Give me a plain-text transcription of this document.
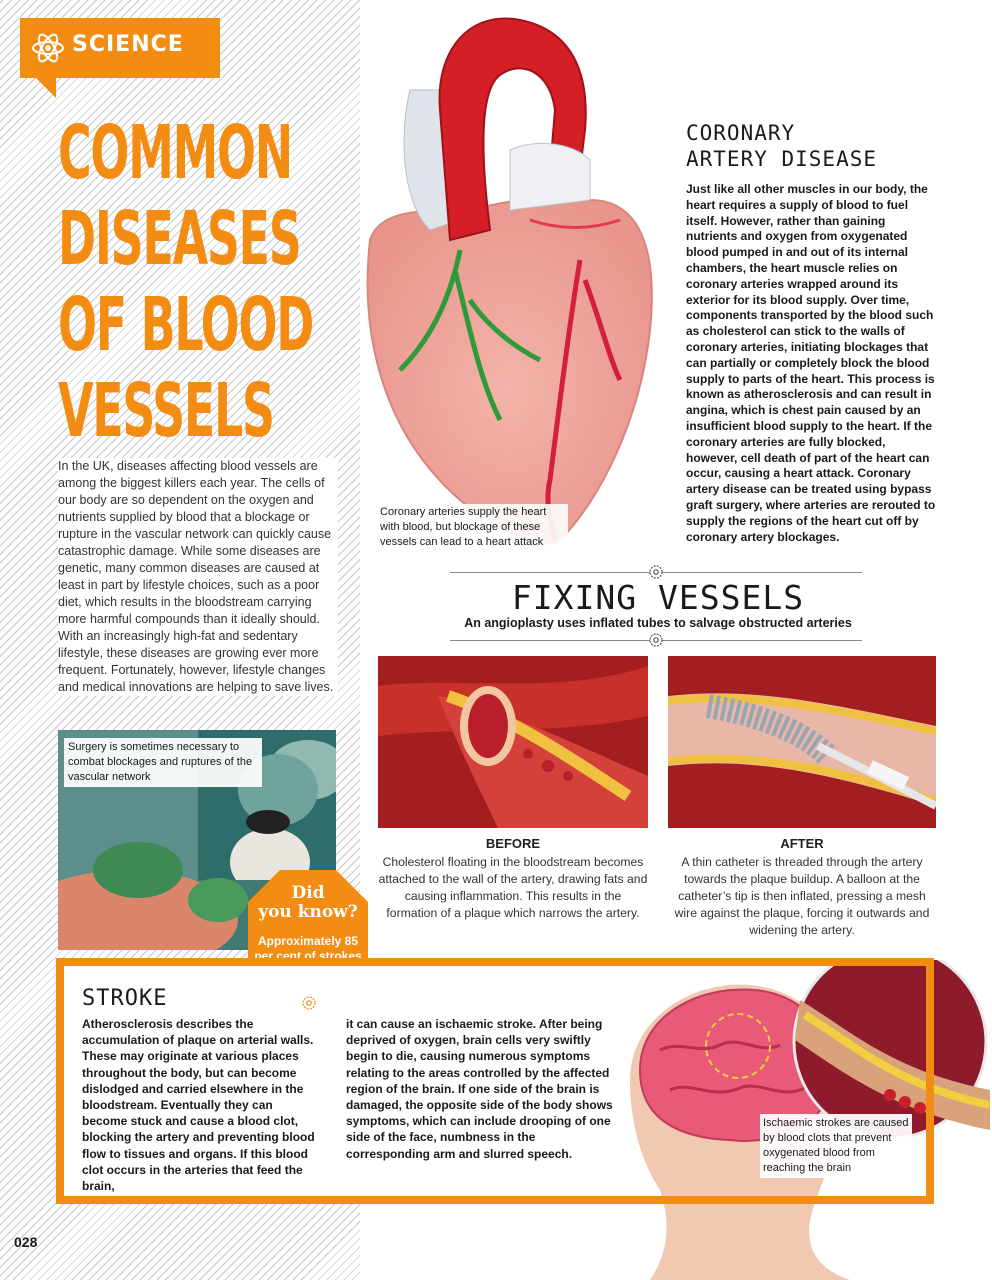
SCIENCE
COMMON
DISEASES
OF BLOOD
VESSELS
In the UK, diseases affecting blood vessels are among the biggest killers each year. The cells of our body are so dependent on the oxygen and nutrients supplied by blood that a blockage or rupture in the vascular network can quickly cause catastrophic damage. While some diseases are genetic, many common diseases are caused at least in part by lifestyle choices, such as a poor diet, which results in the bloodstream carrying more harmful compounds than it ideally should. With an increasingly high-fat and sedentary lifestyle, these diseases are growing ever more frequent. Fortunately, however, lifestyle changes and medical innovations are helping to save lives.
Surgery is sometimes necessary to combat blockages and ruptures of the vascular network
Did
you know?
Approximately 85 per cent of strokes
Coronary arteries supply the heart with blood, but blockage of these vessels can lead to a heart attack
CORONARY
ARTERY DISEASE
Just like all other muscles in our body, the heart requires a supply of blood to fuel itself. However, rather than gaining nutrients and oxygen from oxygenated blood pumped in and out of its internal chambers, the heart muscle relies on coronary arteries wrapped around its exterior for its blood supply. Over time, components transported by the blood such as cholesterol can stick to the walls of coronary arteries, initiating blockages that can partially or completely block the blood supply to parts of the heart. This process is known as atherosclerosis and can result in angina, which is chest pain caused by an insufficient blood supply to the heart. If the coronary arteries are fully blocked, however, cell death of part of the heart can occur, causing a heart attack. Coronary artery disease can be treated using bypass graft surgery, where arteries are rerouted to supply the regions of the heart cut off by coronary artery blockages.
FIXING VESSELS
An angioplasty uses inflated tubes to salvage obstructed arteries
BEFORE	AFTER
Cholesterol floating in the bloodstream becomes attached to the wall of the artery, drawing fats and causing inflammation. This results in the formation of a plaque which narrows the artery.
A thin catheter is threaded through the artery towards the plaque buildup. A balloon at the catheter’s tip is then inflated, pressing a mesh wire against the plaque, forcing it outwards and widening the artery.
STROKE
Atherosclerosis describes the accumulation of plaque on arterial walls. These may originate at various places throughout the body, but can become dislodged and carried elsewhere in the bloodstream. Eventually they can become stuck and cause a blood clot, blocking the artery and preventing blood flow to tissues and organs. If this blood clot occurs in the arteries that feed the brain,
it can cause an ischaemic stroke. After being deprived of oxygen, brain cells very swiftly begin to die, causing numerous symptoms relating to the areas controlled by the affected region of the brain. If one side of the brain is damaged, the opposite side of the body shows symptoms, which can include drooping of one side of the face, numbness in the corresponding arm and slurred speech.
Ischaemic strokes are caused by blood clots that prevent oxygenated blood from reaching the brain
028
